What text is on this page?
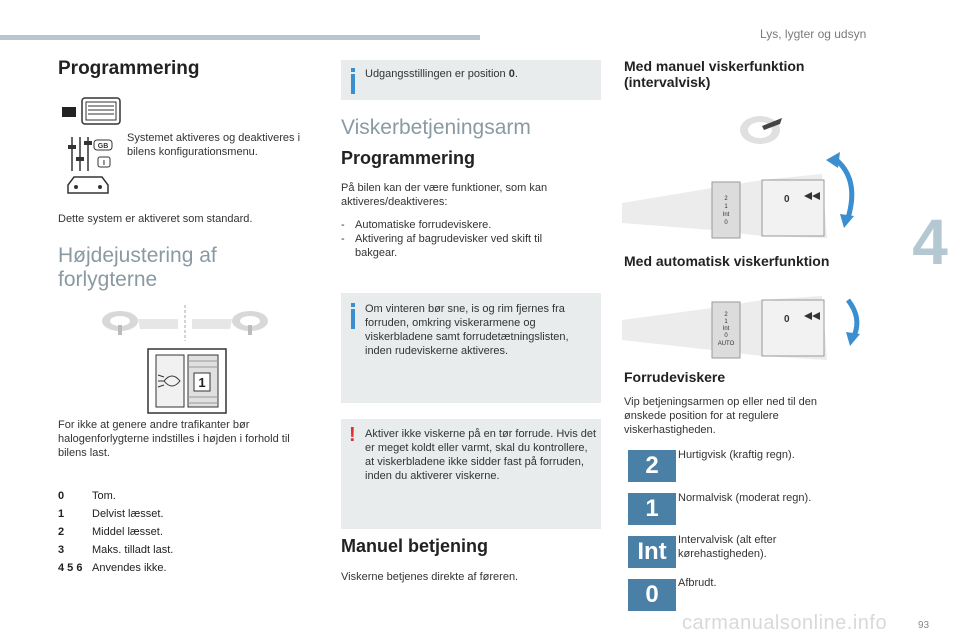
Lys, lygter og udsyn
4
Programmering
GB
I
Systemet aktiveres og deaktiveres i bilens konfigurationsmenu.
Dette system er aktiveret som standard.
Højdejustering af
forlygterne
1
For ikke at genere andre trafikanter bør halogenforlygterne indstilles i højden i forhold til bilens last.
0	Tom.
1	Delvist læsset.
2	Middel læsset.
3	Maks. tilladt last.
4 5 6 Anvendes ikke.
Udgangsstillingen er position 0.
Viskerbetjeningsarm
Programmering
På bilen kan der være funktioner, som kan aktiveres/deaktiveres:
- Automatiske forrudeviskere.
- Aktivering af bagrudevisker ved skift til bakgear.
Om vinteren bør sne, is og rim fjernes fra forruden, omkring viskerarmene og viskerbladene samt forrudetætningslisten, inden rudeviskerne aktiveres.
! Aktiver ikke viskerne på en tør forrude. Hvis det er meget koldt eller varmt, skal du kontrollere, at viskerbladene ikke sidder fast på forruden, inden du aktiverer viskerne.
Manuel betjening
Viskerne betjenes direkte af føreren.
Med manuel viskerfunktion
(intervalvisk)
2
1
Int
0
0
Med automatisk viskerfunktion
2
1
Int
0
AUTO
0
Forrudeviskere
Vip betjeningsarmen op eller ned til den ønskede position for at regulere viskerhastigheden.
2	Hurtigvisk (kraftig regn).
1	Normalvisk (moderat regn).
Int	Intervalvisk (alt efter kørehastigheden).
0	Afbrudt.
carmanualsonline.info	93
